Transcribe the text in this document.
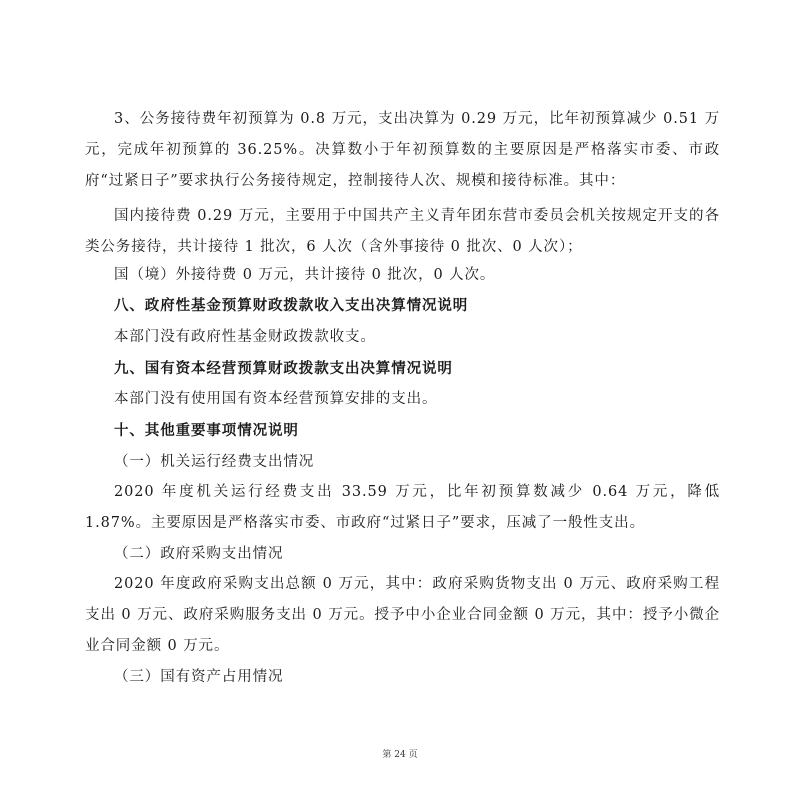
3、公务接待费年初预算为 0.8 万元，支出决算为 0.29 万元，比年初预算减少 0.51 万元，完成年初预算的 36.25%。决算数小于年初预算数的主要原因是严格落实市委、市政府“过紧日子”要求执行公务接待规定，控制接待人次、规模和接待标准。其中：

国内接待费 0.29 万元，主要用于中国共产主义青年团东营市委员会机关按规定开支的各类公务接待，共计接待 1 批次，6 人次（含外事接待 0 批次、0 人次）；

国（境）外接待费 0 万元，共计接待 0 批次，0 人次。

八、政府性基金预算财政拨款收入支出决算情况说明

本部门没有政府性基金财政拨款收支。

九、国有资本经营预算财政拨款支出决算情况说明

本部门没有使用国有资本经营预算安排的支出。

十、其他重要事项情况说明

（一）机关运行经费支出情况

2020 年度机关运行经费支出 33.59 万元，比年初预算数减少 0.64 万元，降低 1.87%。主要原因是严格落实市委、市政府“过紧日子”要求，压减了一般性支出。

（二）政府采购支出情况

2020 年度政府采购支出总额 0 万元，其中：政府采购货物支出 0 万元、政府采购工程支出 0 万元、政府采购服务支出 0 万元。授予中小企业合同金额 0 万元，其中：授予小微企业合同金额 0 万元。

（三）国有资产占用情况

第 24 页
